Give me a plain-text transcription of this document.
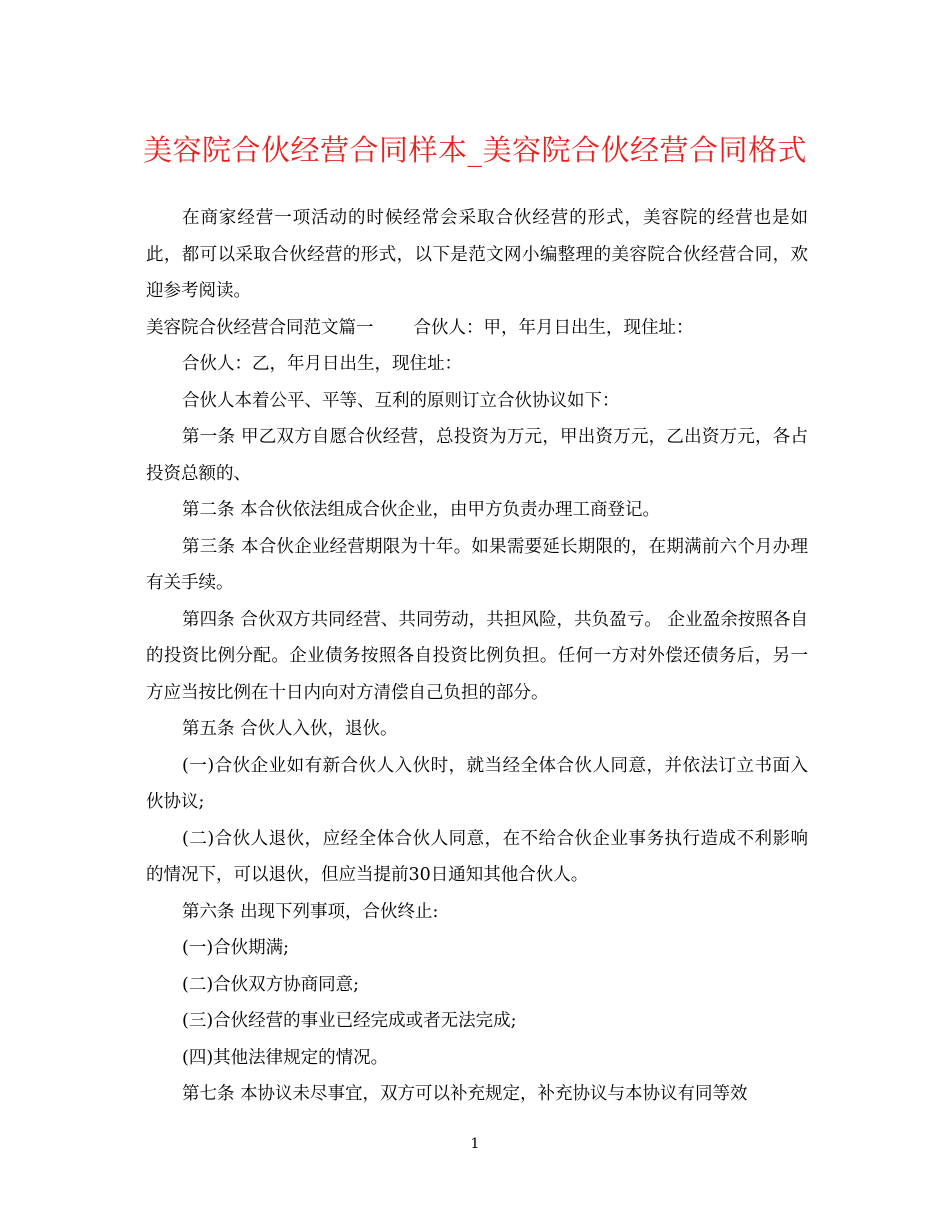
美容院合伙经营合同样本_美容院合伙经营合同格式

在商家经营一项活动的时候经常会采取合伙经营的形式，美容院的经营也是如此，都可以采取合伙经营的形式，以下是范文网小编整理的美容院合伙经营合同，欢迎参考阅读。

美容院合伙经营合同范文篇一 合伙人：甲，年月日出生，现住址：

合伙人：乙，年月日出生，现住址：

合伙人本着公平、平等、互利的原则订立合伙协议如下：

第一条 甲乙双方自愿合伙经营，总投资为万元，甲出资万元，乙出资万元，各占投资总额的、

第二条 本合伙依法组成合伙企业，由甲方负责办理工商登记。

第三条 本合伙企业经营期限为十年。如果需要延长期限的，在期满前六个月办理有关手续。

第四条 合伙双方共同经营、共同劳动，共担风险，共负盈亏。 企业盈余按照各自的投资比例分配。企业债务按照各自投资比例负担。任何一方对外偿还债务后，另一方应当按比例在十日内向对方清偿自己负担的部分。

第五条 合伙人入伙，退伙。

(一)合伙企业如有新合伙人入伙时，就当经全体合伙人同意，并依法订立书面入伙协议;

(二)合伙人退伙，应经全体合伙人同意，在不给合伙企业事务执行造成不利影响的情况下，可以退伙，但应当提前30日通知其他合伙人。

第六条 出现下列事项，合伙终止:

(一)合伙期满;

(二)合伙双方协商同意;

(三)合伙经营的事业已经完成或者无法完成;

(四)其他法律规定的情况。

第七条 本协议未尽事宜，双方可以补充规定，补充协议与本协议有同等效

1
